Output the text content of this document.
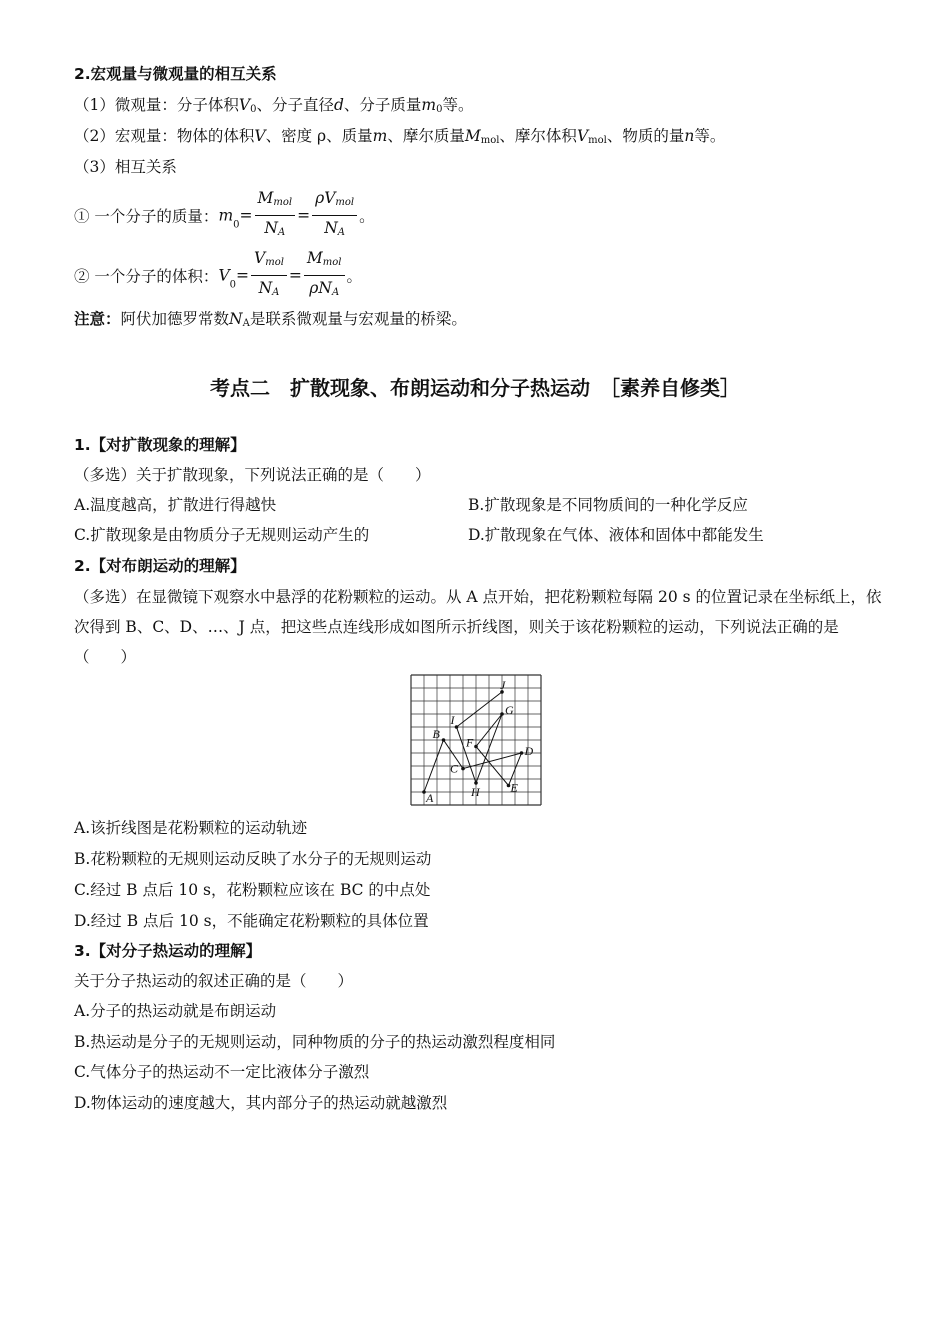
2.宏观量与微观量的相互关系
（1）微观量：分子体积V0、分子直径d、分子质量m0等。
（2）宏观量：物体的体积V、密度 ρ、质量m、摩尔质量Mmol、摩尔体积Vmol、物质的量n等。
（3）相互关系
① 一个分子的质量：$m_0= \frac{M_{mol}}{N_A} = \frac{\rho V_{mol}}{N_A}$ 。
② 一个分子的体积：$V_0= \frac{V_{mol}}{N_A} = \frac{M_{mol}}{\rho N_A}$ 。
注意：阿伏加德罗常数NA是联系微观量与宏观量的桥梁。
考点二　扩散现象、布朗运动和分子热运动　［素养自修类］
1.【对扩散现象的理解】
（多选）关于扩散现象，下列说法正确的是（　　）
A.温度越高，扩散进行得越快	B.扩散现象是不同物质间的一种化学反应
C.扩散现象是由物质分子无规则运动产生的	D.扩散现象在气体、液体和固体中都能发生
2.【对布朗运动的理解】
（多选）在显微镜下观察水中悬浮的花粉颗粒的运动。从 A 点开始，把花粉颗粒每隔 20 s 的位置记录在坐标纸上，依次得到 B、C、D、…、J 点，把这些点连线形成如图所示折线图，则关于该花粉颗粒的运动，下列说法正确的是（　　）
A
B
C
D
E
F
G
H
I
J
A.该折线图是花粉颗粒的运动轨迹
B.花粉颗粒的无规则运动反映了水分子的无规则运动
C.经过 B 点后 10 s，花粉颗粒应该在 BC 的中点处
D.经过 B 点后 10 s，不能确定花粉颗粒的具体位置
3.【对分子热运动的理解】
关于分子热运动的叙述正确的是（　　）
A.分子的热运动就是布朗运动
B.热运动是分子的无规则运动，同种物质的分子的热运动激烈程度相同
C.气体分子的热运动不一定比液体分子激烈
D.物体运动的速度越大，其内部分子的热运动就越激烈
